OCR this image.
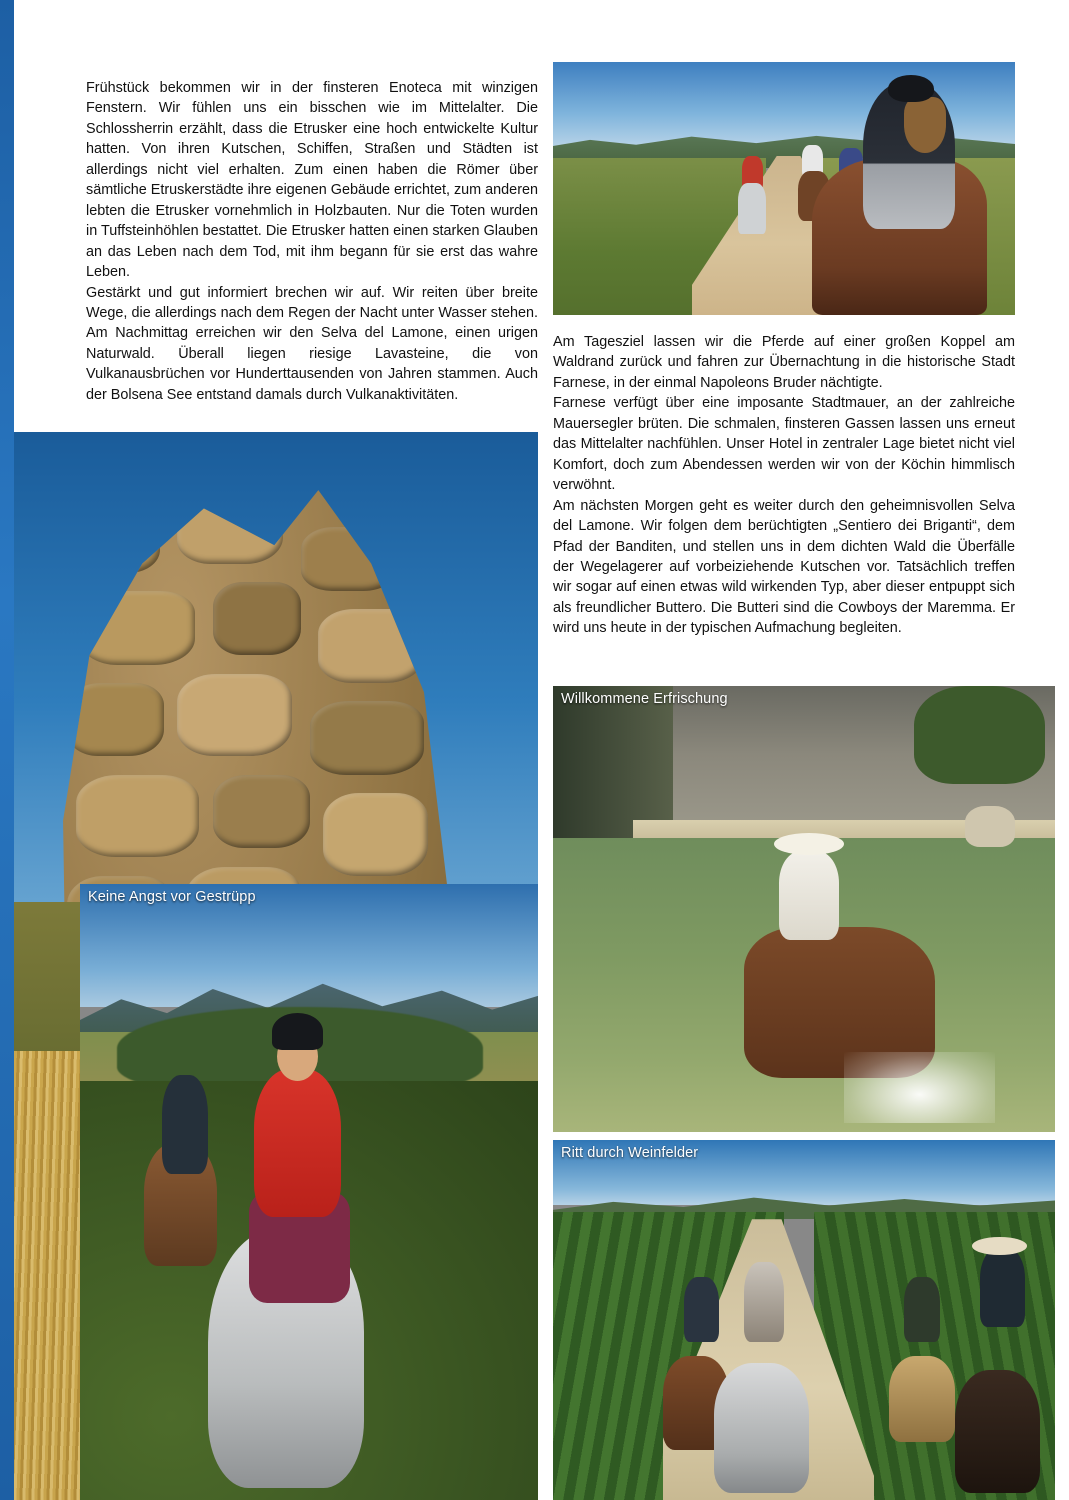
Frühstück bekommen wir in der finsteren Enoteca mit winzigen Fenstern. Wir fühlen uns ein bisschen wie im Mittelalter. Die Schlossherrin erzählt, dass die Etrusker eine hoch entwickelte Kultur hatten. Von ihren Kutschen, Schiffen, Straßen und Städten ist allerdings nicht viel erhalten. Zum einen haben die Römer über sämtliche Etruskerstädte ihre eigenen Gebäude errichtet, zum anderen lebten die Etrusker vornehmlich in Holzbauten. Nur die Toten wurden in Tuffsteinhöhlen bestattet. Die Etrusker hatten einen starken Glauben an das Leben nach dem Tod, mit ihm begann für sie erst das wahre Leben.

Gestärkt und gut informiert brechen wir auf. Wir reiten über breite Wege, die allerdings nach dem Regen der Nacht unter Wasser stehen. Am Nachmittag erreichen wir den Selva del Lamone, einen urigen Naturwald. Überall liegen riesige Lavasteine, die von Vulkanausbrüchen vor Hunderttausenden von Jahren stammen. Auch der Bolsena See entstand damals durch Vulkanaktivitäten.

Am Tagesziel lassen wir die Pferde auf einer großen Koppel am Waldrand zurück und fahren zur Übernachtung in die historische Stadt Farnese, in der einmal Napoleons Bruder nächtigte.

Farnese verfügt über eine imposante Stadtmauer, an der zahlreiche Mauersegler brüten. Die schmalen, finsteren Gassen lassen uns erneut das Mittelalter nachfühlen. Unser Hotel in zentraler Lage bietet nicht viel Komfort, doch zum Abendessen werden wir von der Köchin himmlisch verwöhnt.

Am nächsten Morgen geht es weiter durch den geheimnisvollen Selva del Lamone. Wir folgen dem berüchtigten „Sentiero dei Briganti“, dem Pfad der Banditen, und stellen uns in dem dichten Wald die Überfälle der Wegelagerer auf vorbeiziehende Kutschen vor. Tatsächlich treffen wir sogar auf einen etwas wild wirkenden Typ, aber dieser entpuppt sich als freundlicher Buttero. Die Butteri sind die Cowboys der Maremma. Er wird uns heute in der typischen Aufmachung begleiten.

Keine Angst vor Gestrüpp
Willkommene Erfrischung
Ritt durch Weinfelder
